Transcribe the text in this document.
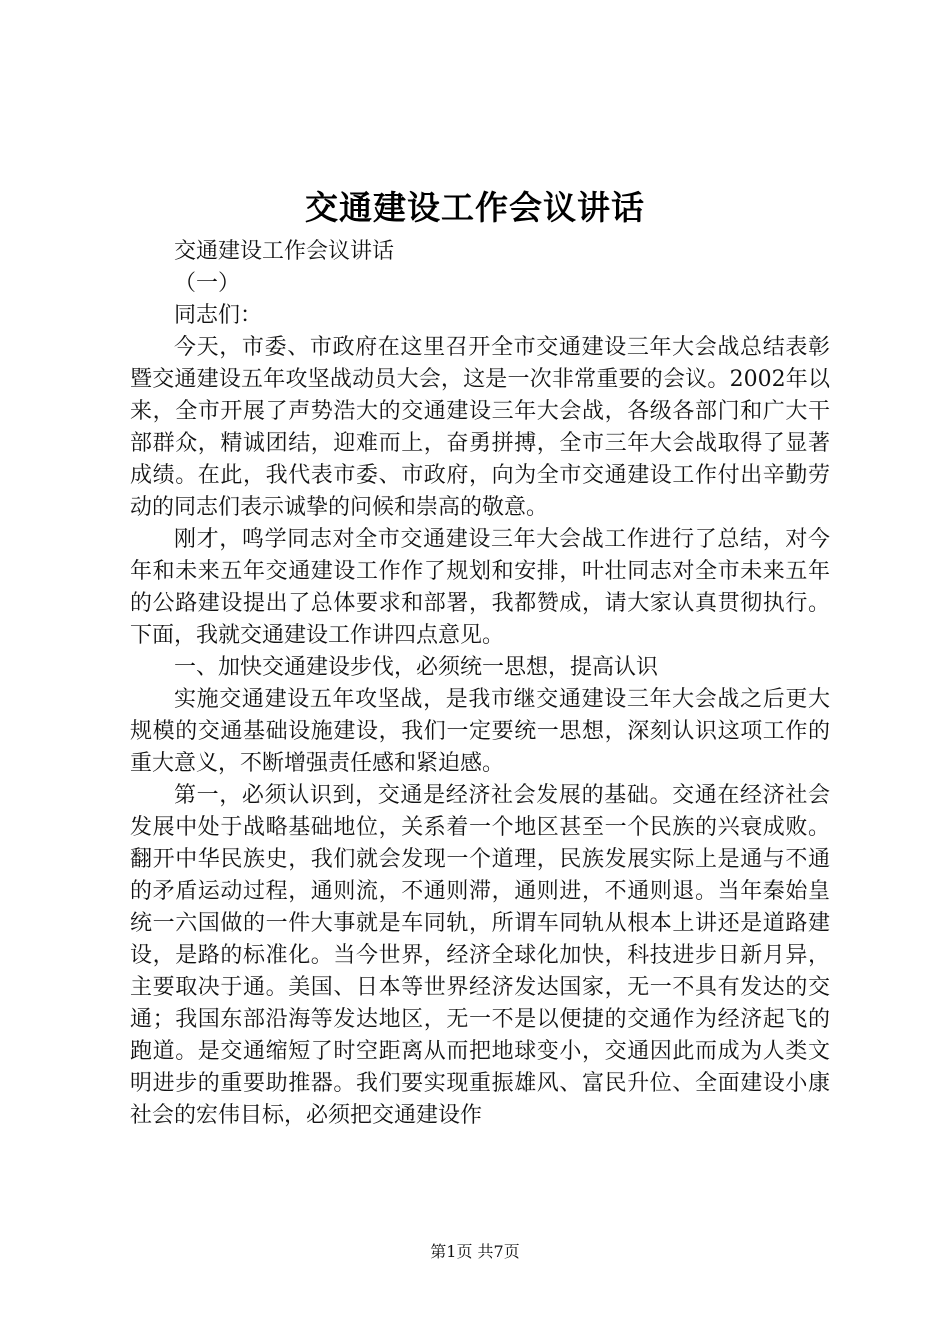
交通建设工作会议讲话

交通建设工作会议讲话

（一）

同志们：

今天，市委、市政府在这里召开全市交通建设三年大会战总结表彰暨交通建设五年攻坚战动员大会，这是一次非常重要的会议。2002年以来，全市开展了声势浩大的交通建设三年大会战，各级各部门和广大干部群众，精诚团结，迎难而上，奋勇拼搏，全市三年大会战取得了显著成绩。在此，我代表市委、市政府，向为全市交通建设工作付出辛勤劳动的同志们表示诚挚的问候和崇高的敬意。

刚才，鸣学同志对全市交通建设三年大会战工作进行了总结，对今年和未来五年交通建设工作作了规划和安排，叶壮同志对全市未来五年的公路建设提出了总体要求和部署，我都赞成，请大家认真贯彻执行。下面，我就交通建设工作讲四点意见。

一、加快交通建设步伐，必须统一思想，提高认识

实施交通建设五年攻坚战，是我市继交通建设三年大会战之后更大规模的交通基础设施建设，我们一定要统一思想，深刻认识这项工作的重大意义，不断增强责任感和紧迫感。

第一，必须认识到，交通是经济社会发展的基础。交通在经济社会发展中处于战略基础地位，关系着一个地区甚至一个民族的兴衰成败。翻开中华民族史，我们就会发现一个道理，民族发展实际上是通与不通的矛盾运动过程，通则流，不通则滞，通则进，不通则退。当年秦始皇统一六国做的一件大事就是车同轨，所谓车同轨从根本上讲还是道路建设，是路的标准化。当今世界，经济全球化加快，科技进步日新月异，主要取决于通。美国、日本等世界经济发达国家，无一不具有发达的交通；我国东部沿海等发达地区，无一不是以便捷的交通作为经济起飞的跑道。是交通缩短了时空距离从而把地球变小，交通因此而成为人类文明进步的重要助推器。我们要实现重振雄风、富民升位、全面建设小康社会的宏伟目标，必须把交通建设作

第1页 共7页
